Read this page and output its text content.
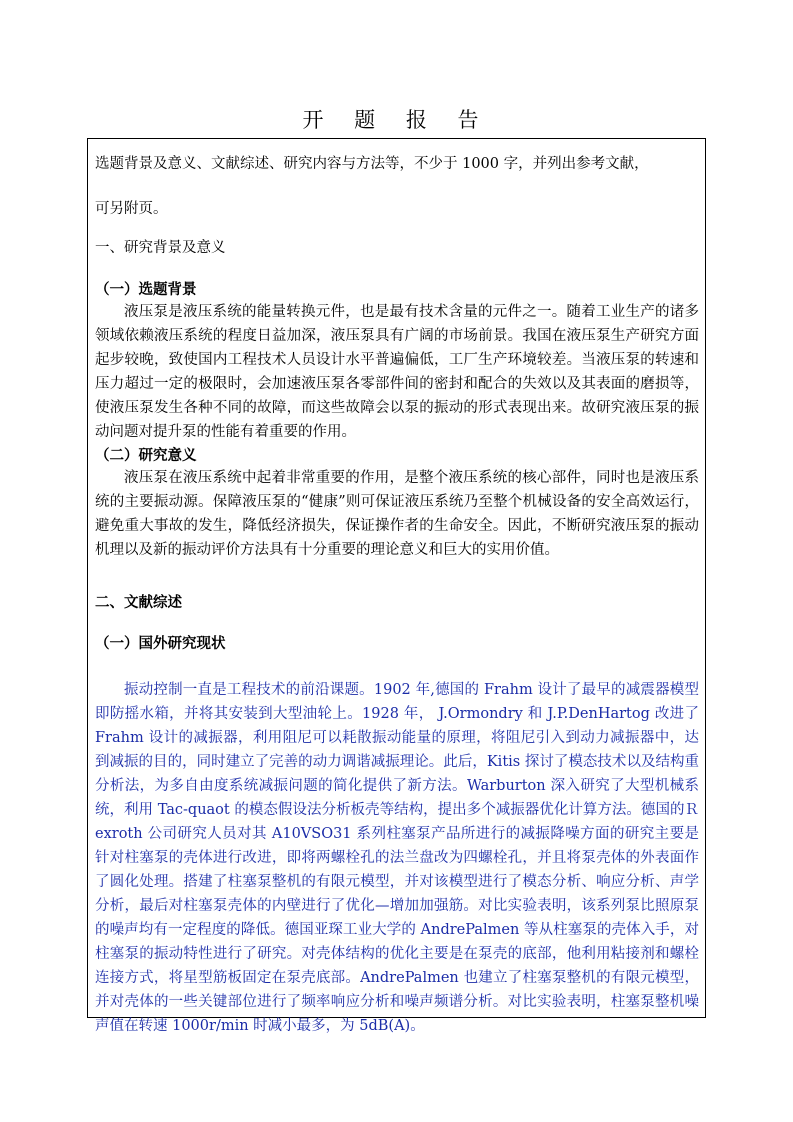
开 题 报 告

选题背景及意义、文献综述、研究内容与方法等，不少于 1000 字，并列出参考文献，

可另附页。

一、研究背景及意义

（一）选题背景

液压泵是液压系统的能量转换元件，也是最有技术含量的元件之一。随着工业生产的诸多领域依赖液压系统的程度日益加深，液压泵具有广阔的市场前景。我国在液压泵生产研究方面起步较晚，致使国内工程技术人员设计水平普遍偏低，工厂生产环境较差。当液压泵的转速和压力超过一定的极限时，会加速液压泵各零部件间的密封和配合的失效以及其表面的磨损等，使液压泵发生各种不同的故障，而这些故障会以泵的振动的形式表现出来。故研究液压泵的振动问题对提升泵的性能有着重要的作用。

（二）研究意义

液压泵在液压系统中起着非常重要的作用，是整个液压系统的核心部件，同时也是液压系统的主要振动源。保障液压泵的“健康”则可保证液压系统乃至整个机械设备的安全高效运行，避免重大事故的发生，降低经济损失，保证操作者的生命安全。因此，不断研究液压泵的振动机理以及新的振动评价方法具有十分重要的理论意义和巨大的实用价值。

二、文献综述

（一）国外研究现状

振动控制一直是工程技术的前沿课题。1902 年,德国的 Frahm 设计了最早的减震器模型即防摇水箱，并将其安装到大型油轮上。1928 年， J.Ormondry 和 J.P.DenHartog 改进了 Frahm 设计的减振器，利用阻尼可以耗散振动能量的原理，将阻尼引入到动力减振器中，达到减振的目的，同时建立了完善的动力调谐减振理论。此后，Kitis 探讨了模态技术以及结构重分析法，为多自由度系统减振问题的简化提供了新方法。Warburton 深入研究了大型机械系统，利用 Tac-quaot 的模态假设法分析板壳等结构，提出多个减振器优化计算方法。德国的Ｒexroth 公司研究人员对其 A10VSO31 系列柱塞泵产品所进行的减振降噪方面的研究主要是针对柱塞泵的壳体进行改进，即将两螺栓孔的法兰盘改为四螺栓孔，并且将泵壳体的外表面作了圆化处理。搭建了柱塞泵整机的有限元模型，并对该模型进行了模态分析、响应分析、声学分析，最后对柱塞泵壳体的内壁进行了优化—增加加强筋。对比实验表明，该系列泵比照原泵的噪声均有一定程度的降低。德国亚琛工业大学的 AndrePalmen 等从柱塞泵的壳体入手，对柱塞泵的振动特性进行了研究。对壳体结构的优化主要是在泵壳的底部，他利用粘接剂和螺栓连接方式，将星型筋板固定在泵壳底部。AndrePalmen 也建立了柱塞泵整机的有限元模型，并对壳体的一些关键部位进行了频率响应分析和噪声频谱分析。对比实验表明，柱塞泵整机噪声值在转速 1000r/min 时减小最多，为 5dB(A)。
